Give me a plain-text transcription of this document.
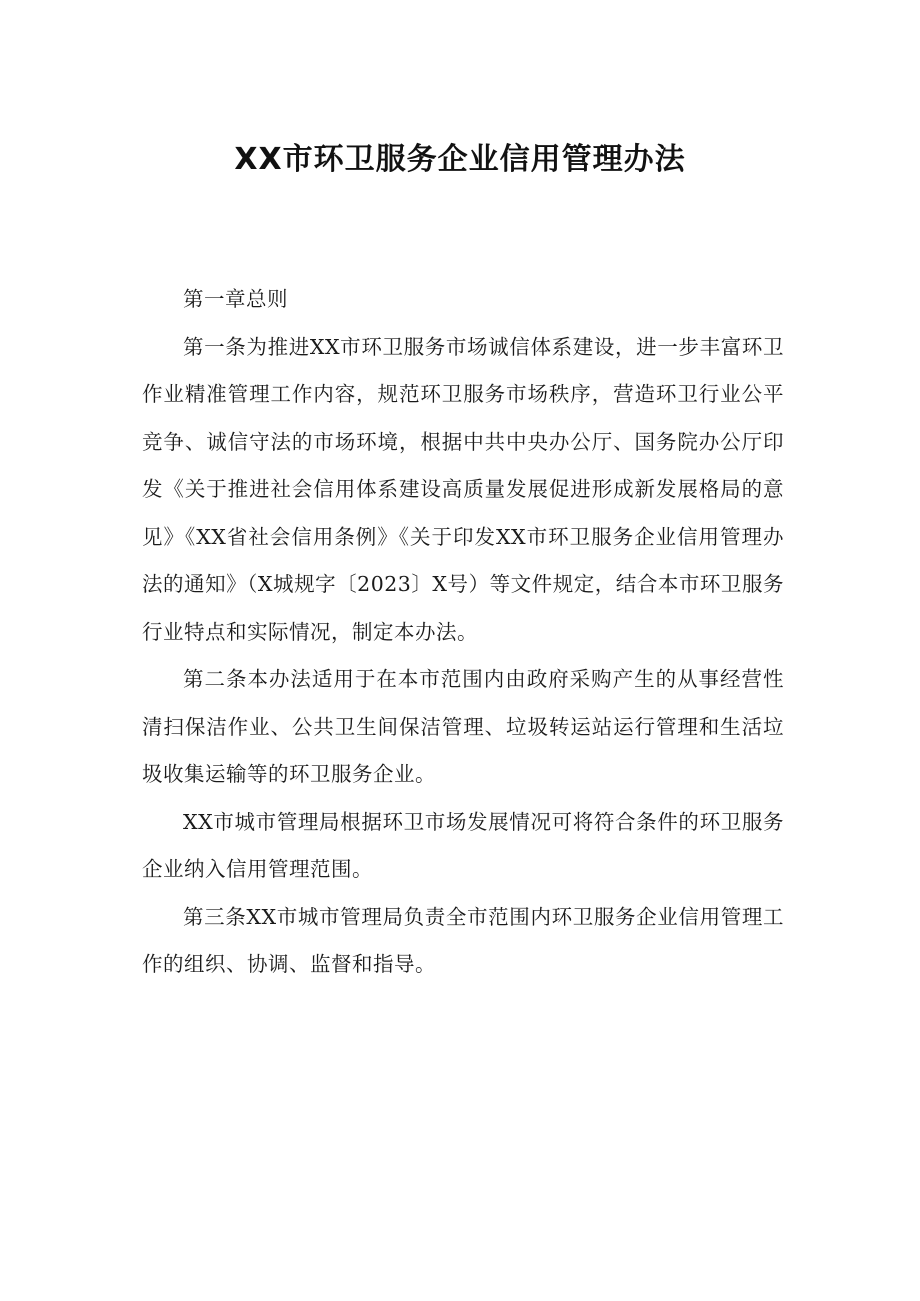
XX市环卫服务企业信用管理办法

第一章总则

第一条为推进XX市环卫服务市场诚信体系建设，进一步丰富环卫作业精准管理工作内容，规范环卫服务市场秩序，营造环卫行业公平竞争、诚信守法的市场环境，根据中共中央办公厅、国务院办公厅印发《关于推进社会信用体系建设高质量发展促进形成新发展格局的意见》《XX省社会信用条例》《关于印发XX市环卫服务企业信用管理办法的通知》（X城规字〔2023〕X号）等文件规定，结合本市环卫服务行业特点和实际情况，制定本办法。

第二条本办法适用于在本市范围内由政府采购产生的从事经营性清扫保洁作业、公共卫生间保洁管理、垃圾转运站运行管理和生活垃圾收集运输等的环卫服务企业。

XX市城市管理局根据环卫市场发展情况可将符合条件的环卫服务企业纳入信用管理范围。

第三条XX市城市管理局负责全市范围内环卫服务企业信用管理工作的组织、协调、监督和指导。
